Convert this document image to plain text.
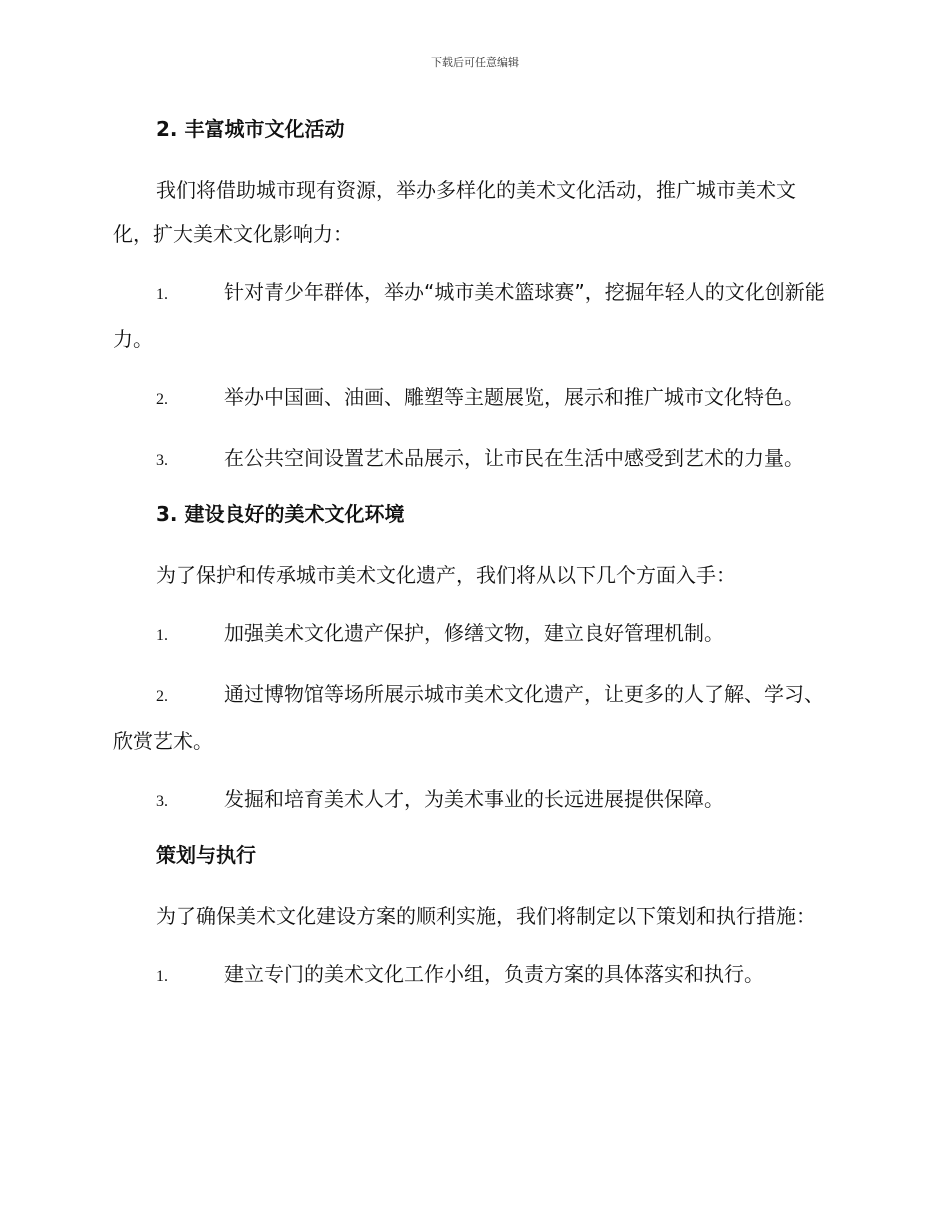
下载后可任意编辑
2. 丰富城市文化活动
我们将借助城市现有资源，举办多样化的美术文化活动，推广城市美术文化，扩大美术文化影响力：
1.	针对青少年群体，举办“城市美术篮球赛”，挖掘年轻人的文化创新能力。
2.	举办中国画、油画、雕塑等主题展览，展示和推广城市文化特色。
3.	在公共空间设置艺术品展示，让市民在生活中感受到艺术的力量。
3. 建设良好的美术文化环境
为了保护和传承城市美术文化遗产，我们将从以下几个方面入手：
1.	加强美术文化遗产保护，修缮文物，建立良好管理机制。
2.	通过博物馆等场所展示城市美术文化遗产，让更多的人了解、学习、欣赏艺术。
3.	发掘和培育美术人才，为美术事业的长远进展提供保障。
策划与执行
为了确保美术文化建设方案的顺利实施，我们将制定以下策划和执行措施：
1.	建立专门的美术文化工作小组，负责方案的具体落实和执行。
